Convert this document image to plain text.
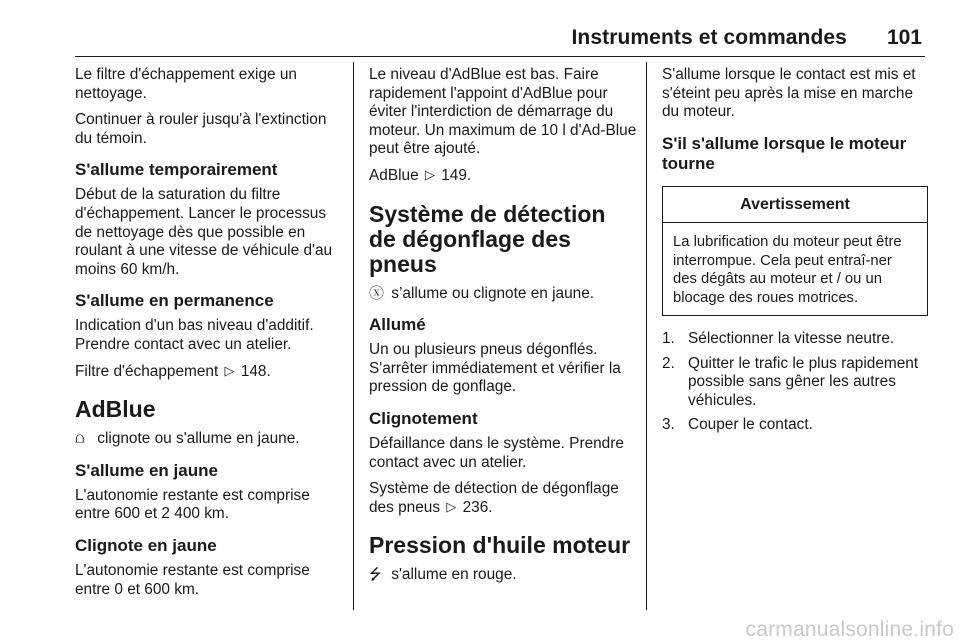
Instruments et commandes 101

Le filtre d'échappement exige un nettoyage.

Continuer à rouler jusqu'à l'extinction du témoin.

S'allume temporairement

Début de la saturation du filtre d'échappement. Lancer le processus de nettoyage dès que possible en roulant à une vitesse de véhicule d'au moins 60 km/h.

S'allume en permanence

Indication d'un bas niveau d'additif. Prendre contact avec un atelier.

Filtre d'échappement ▷ 148.

AdBlue

⩍ clignote ou s'allume en jaune.

S'allume en jaune

L'autonomie restante est comprise entre 600 et 2 400 km.

Clignote en jaune

L'autonomie restante est comprise entre 0 et 600 km.

Le niveau d'AdBlue est bas. Faire rapidement l'appoint d'AdBlue pour éviter l'interdiction de démarrage du moteur. Un maximum de 10 l d'Ad-Blue peut être ajouté.

AdBlue ▷ 149.

Système de détection de dégonflage des pneus

ⓧ s’allume ou clignote en jaune.

Allumé

Un ou plusieurs pneus dégonflés. S'arrêter immédiatement et vérifier la pression de gonflage.

Clignotement

Défaillance dans le système. Prendre contact avec un atelier.

Système de détection de dégonflage des pneus ▷ 236.

Pression d'huile moteur

⭍ s'allume en rouge.

S'allume lorsque le contact est mis et s'éteint peu après la mise en marche du moteur.

S'il s'allume lorsque le moteur tourne
Avertissement
La lubrification du moteur peut être interrompue. Cela peut entraî-ner des dégâts au moteur et / ou un blocage des roues motrices.
1. Sélectionner la vitesse neutre.
2. Quitter le trafic le plus rapidement possible sans gêner les autres véhicules.
3. Couper le contact.
carmanualsonline.info
